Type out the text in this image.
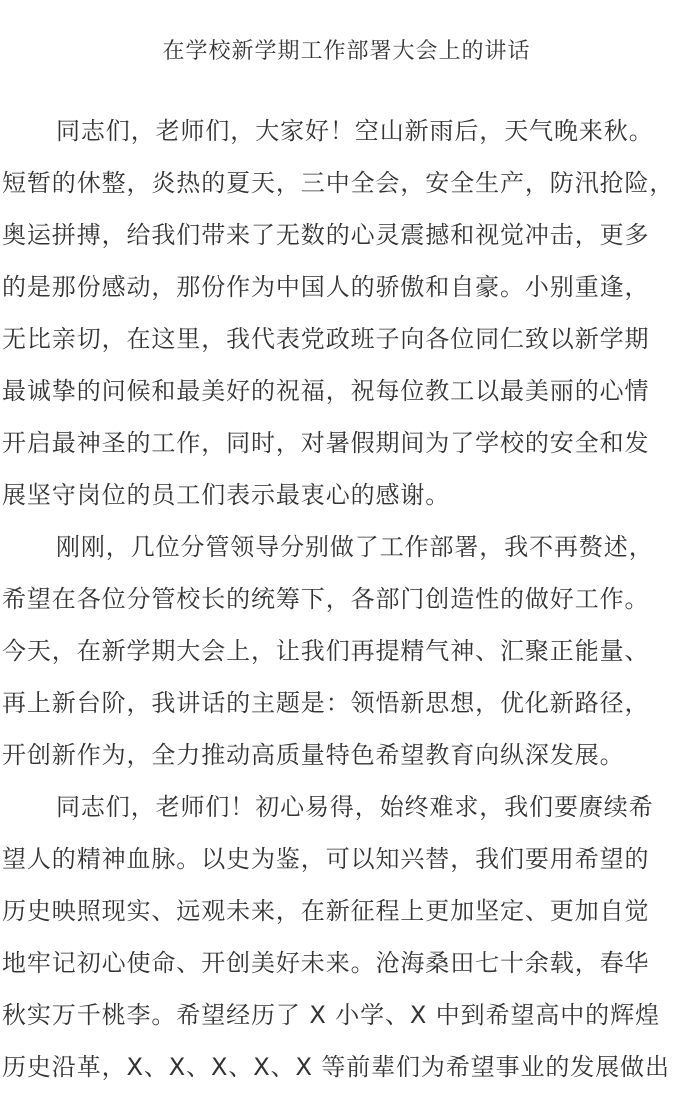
在学校新学期工作部署大会上的讲话
同志们，老师们，大家好！空山新雨后，天气晚来秋。
短暂的休整，炎热的夏天，三中全会，安全生产，防汛抢险，
奥运拼搏，给我们带来了无数的心灵震撼和视觉冲击，更多
的是那份感动，那份作为中国人的骄傲和自豪。小别重逢，
无比亲切，在这里，我代表党政班子向各位同仁致以新学期
最诚挚的问候和最美好的祝福，祝每位教工以最美丽的心情
开启最神圣的工作，同时，对暑假期间为了学校的安全和发
展坚守岗位的员工们表示最衷心的感谢。
刚刚，几位分管领导分别做了工作部署，我不再赘述，
希望在各位分管校长的统筹下，各部门创造性的做好工作。
今天，在新学期大会上，让我们再提精气神、汇聚正能量、
再上新台阶，我讲话的主题是：领悟新思想，优化新路径，
开创新作为，全力推动高质量特色希望教育向纵深发展。
同志们，老师们！初心易得，始终难求，我们要赓续希
望人的精神血脉。以史为鉴，可以知兴替，我们要用希望的
历史映照现实、远观未来，在新征程上更加坚定、更加自觉
地牢记初心使命、开创美好未来。沧海桑田七十余载，春华
秋实万千桃李。希望经历了 X 小学、X 中到希望高中的辉煌
历史沿革，X、X、X、X、X 等前辈们为希望事业的发展做出
